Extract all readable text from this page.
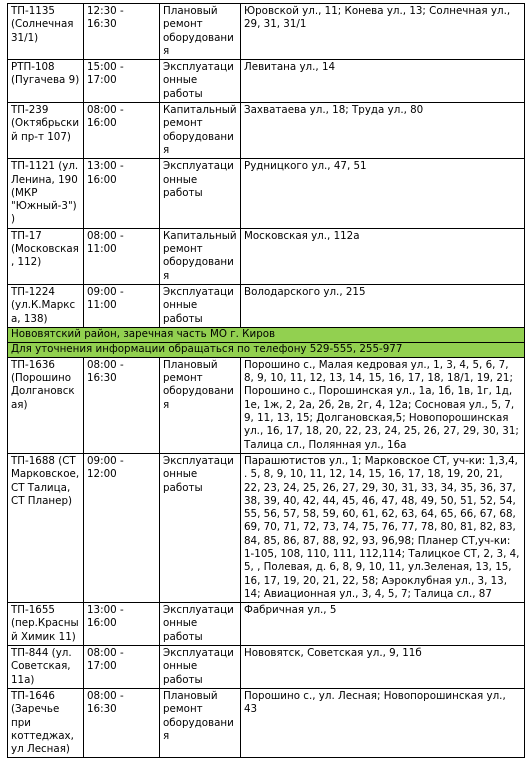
ТП-1135 (Солнечная 31/1)	12:30 - 16:30	Плановый ремонт оборудования	Юровской ул., 11; Конева ул., 13; Солнечная ул., 29, 31, 31/1
РТП-108 (Пугачева 9)	15:00 - 17:00	Эксплуатационные работы	Левитана ул., 14
ТП-239 (Октябрьский пр-т 107)	08:00 - 16:00	Капитальный ремонт оборудования	Захватаева ул., 18; Труда ул., 80
ТП-1121 (ул. Ленина, 190 (МКР "Южный-3"))	13:00 - 16:00	Эксплуатационные работы	Рудницкого ул., 47, 51
ТП-17 (Московская, 112)	08:00 - 11:00	Капитальный ремонт оборудования	Московская ул., 112а
ТП-1224 (ул.К.Маркса, 138)	09:00 - 11:00	Эксплуатационные работы	Володарского ул., 215
Нововятский район, заречная часть МО г. Киров			
Для уточнения информации обращаться по телефону 529-555, 255-977			
ТП-1636 (Порошино Долгановская)	08:00 - 16:30	Плановый ремонт оборудования	Порошино с., Малая кедровая ул., 1, 3, 4, 5, 6, 7, 8, 9, 10, 11, 12, 13, 14, 15, 16, 17, 18, 18/1, 19, 21; Порошино с., Порошинская ул., 1а, 1б, 1в, 1г, 1д, 1е, 1ж, 2, 2а, 2б, 2в, 2г, 4, 12а; Сосновая ул., 5, 7, 9, 11, 13, 15; Долгановская,5; Новопорошинская ул., 16, 17, 18, 20, 22, 23, 24, 25, 26, 27, 29, 30, 31; Талица сл., Полянная ул., 16а
ТП-1688 (СТ Марковское, СТ Талица, СТ Планер)	09:00 - 12:00	Эксплуатационные работы	Парашютистов ул., 1; Марковское СТ, уч-ки: 1,3,4, . 5, 8, 9, 10, 11, 12, 14, 15, 16, 17, 18, 19, 20, 21, 22, 23, 24, 25, 26, 27, 29, 30, 31, 33, 34, 35, 36, 37, 38, 39, 40, 42, 44, 45, 46, 47, 48, 49, 50, 51, 52, 54, 55, 56, 57, 58, 59, 60, 61, 62, 63, 64, 65, 66, 67, 68, 69, 70, 71, 72, 73, 74, 75, 76, 77, 78, 80, 81, 82, 83, 84, 85, 86, 87, 88, 92, 93, 96,98; Планер СТ,уч-ки: 1-105, 108, 110, 111, 112,114; Талицкое СТ, 2, 3, 4, 5, , Полевая, д. 6, 8, 9, 10, 11, ул.Зеленая, 13, 15, 16, 17, 19, 20, 21, 22, 58; Аэроклубная ул., 3, 13, 14; Авиационная ул., 3, 4, 5, 7; Талица сл., 87
ТП-1655 (пер.Красный Химик 11)	13:00 - 16:00	Эксплуатационные работы	Фабричная ул., 5
ТП-844 (ул. Советская, 11а)	08:00 - 17:00	Эксплуатационные работы	Нововятск, Советская ул., 9, 11б
ТП-1646 (Заречье при коттеджах, ул Лесная)	08:00 - 16:30	Плановый ремонт оборудования	Порошино с., ул. Лесная; Новопорошинская ул., 43
